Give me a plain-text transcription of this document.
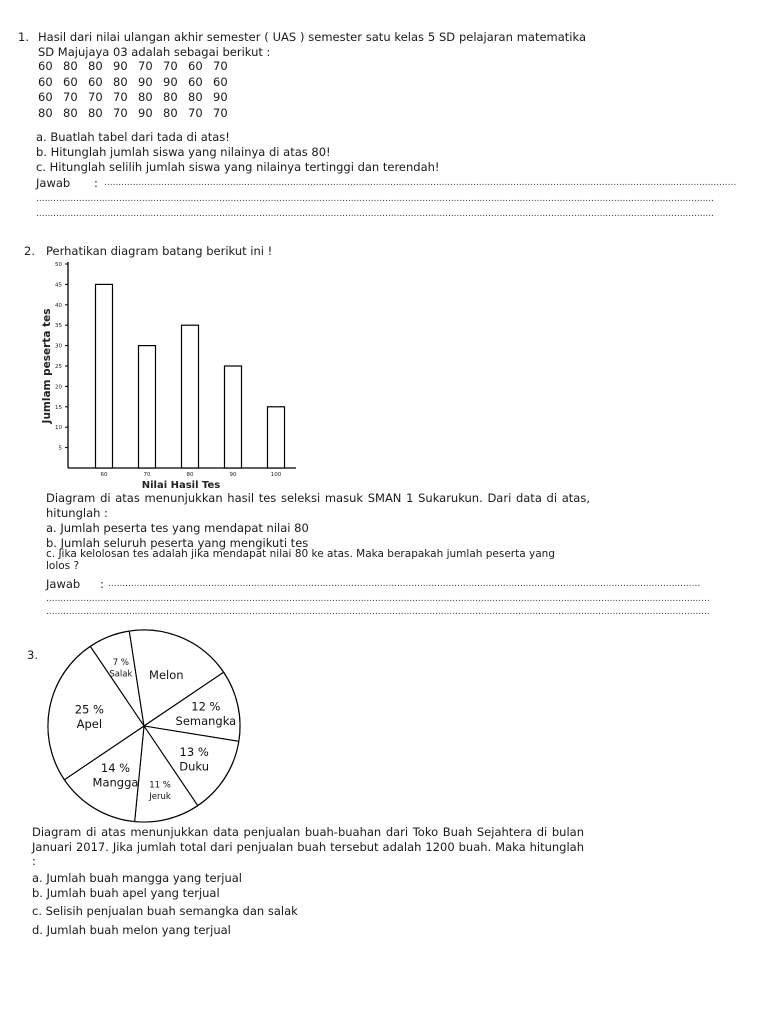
1. Hasil dari nilai ulangan akhir semester ( UAS ) semester satu kelas 5 SD pelajaran matematika SD Majujaya 03 adalah sebagai berikut :
60	80	80	90	70	70	60	70
60	60	60	80	90	90	60	60
60	70	70	70	80	80	80	90
80	80	80	70	90	80	70	70
a. Buatlah tabel dari tada di atas!
b. Hitunglah jumlah siswa yang nilainya di atas 80!
c. Hitunglah selilih jumlah siswa yang nilainya tertinggi dan terendah!
Jawab : .............................................................................................................................................................................................................................
.............................................................................................................................................................................................................................................
.............................................................................................................................................................................................................................................
2. Perhatikan diagram batang berikut ini !
5
10
15
20
25
30
35
40
45
50
60	70	80	90	100
Nilai Hasil Tes
Jumlam peserta tes
Diagram di atas menunjukkan hasil tes seleksi masuk SMAN 1 Sukarukun. Dari data di atas, hitunglah :
a. Jumlah peserta tes yang mendapat nilai 80
b. Jumlah seluruh peserta yang mengikuti tes
c. Jika kelolosan tes adalah jika mendapat nilai 80 ke atas. Maka berapakah jumlah peserta yang lolos ?
Jawab : ...............................................................................................................................................................................................................
........................................................................................................................................................................................................................................
........................................................................................................................................................................................................................................
3.
7 %
Salak Melon
12 %
Semangka
13 %
Duku
11 %
Jeruk
14 %
Mangga
25 %
Apel
Diagram di atas menunjukkan data penjualan buah-buahan dari Toko Buah Sejahtera di bulan Januari 2017. Jika jumlah total dari penjualan buah tersebut adalah 1200 buah. Maka hitunglah :
a. Jumlah buah mangga yang terjual
b. Jumlah buah apel yang terjual
c. Selisih penjualan buah semangka dan salak
d. Jumlah buah melon yang terjual
